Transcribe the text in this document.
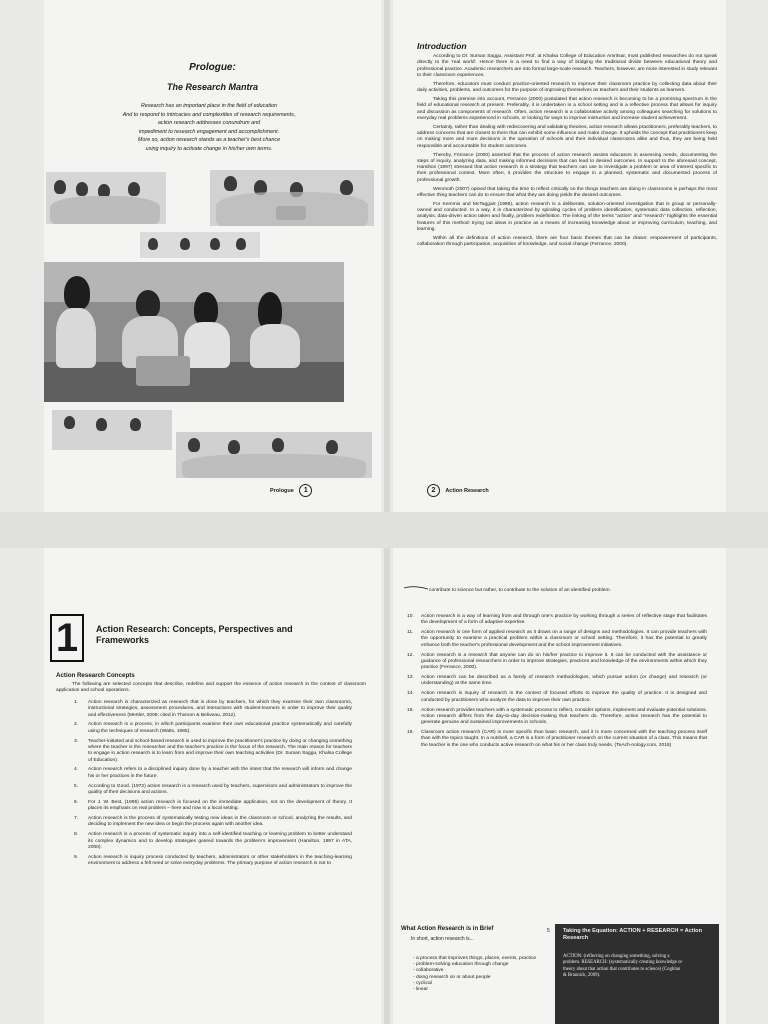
Prologue:
The Research Mantra
Research has an important place in the field of education
And to respond to intricacies and complexities of research requirements,
action research addresses conundrum and
impediment to research engagement and accomplishment.
More so, action research stands as a teacher's best chance
using inquiry to activate change in his/her own terms.
Prologue 1
Introduction

According to Dr. Suman Saggu, Assistant Prof. at Khalsa College of Education Amritsar, most published researches do not speak directly to the 'real world'. Hence there is a need to find a way of bridging the traditional divide between educational theory and professional practice. Academic researchers are into formal large-scale research. Teachers, however, are more interested in study relevant to their classroom experiences.

Therefore, educators must conduct practice-oriented research to improve their classroom practice by collecting data about their daily activities, problems, and outcomes for the purpose of improving themselves as teachers and their students as learners.

Taking this premise into account, Ferrance (2000) postulated that action research is becoming to be a promising spectrum in the field of educational research at present. Preferably, it is undertaken in a school setting and is a reflective process that allows for inquiry and discussion as components of research. Often, action research is a collaborative activity among colleagues searching for solutions to everyday real problems experienced in schools, or looking for ways to improve instruction and increase student achievement.

Certainly, rather than dealing with rediscovering and validating theories, action research allows practitioners, preferably teachers, to address concerns that are closest to them that can exhibit some influence and make change. It upholds the concept that practitioners keep on making more and more decisions in the operation of schools and their individual classrooms alike and thus, they are being held responsible and accountable for student outcomes.

Thereby, Ferrance (2000) asserted that the process of action research assists educators in assessing needs, documenting the steps of inquiry, analyzing data, and making informed decisions that can lead to desired outcomes. In support to the aforesaid concept, Hamilton (1997) stressed that action research is a strategy that teachers can use to investigate a problem or area of interest specific to their professional context. More often, it provides the structure to engage in a planned, systematic and documented process of professional growth.

Wenmoth (2007) opined that taking the time to reflect critically on the things teachers are doing in classrooms is perhaps the most effective thing teachers can do to ensure that what they are doing yields the desired outcomes.

For Kemmis and McTaggart (1988), action research is a deliberate, solution-oriented investigation that is group or personally-owned and conducted. In a way, it is characterized by spiraling cycles of problem identification, systematic data collection, reflection, analysis, data-driven action taken and finally, problem redefinition. The linking of the terms "action" and "research" highlights the essential features of this method: trying out ideas in practice as a means of increasing knowledge about or improving curriculum, teaching, and learning.

Within all the definitions of action research, there are four basic themes that can be drawn: empowerment of participants, collaboration through participation, acquisition of knowledge, and social change (Ferrance, 2000).

2 Action Research
1	Action Research: Concepts, Perspectives and Frameworks
Action Research Concepts
The following are selected concepts that describe, redefine and support the essence of action research in the context of classroom application and school operations.
1. Action research is characterized as research that is done by teachers, for which they examine their own classrooms, instructional strategies, assessment procedures, and interactions with student-learners in order to improve their quality and effectiveness (Mertler, 2009; cited in Thorson & Beliveau, 2012).
2. Action research is a process, in which participants examine their own educational practice systematically and carefully using the techniques of research (Watts, 1985).
3. Teacher-initiated and school-based research is used to improve the practitioner's practice by doing or changing something where the teacher is the researcher and the teacher's practice is the focus of the research. The main reason for teachers to engage in action research is to learn from and improve their own teaching activities (Dr. Suman Saggu, Khalsa College of Education).
4. Action research refers to a disciplined inquiry done by a teacher with the intent that the research will inform and change his or her practices in the future.
5. According to Good, (1972) action research is a research used by teachers, supervisors and administrators to improve the quality of their decisions and actions.
6. For J. W. Best, (1995) action research is focused on the immediate application, not on the development of theory. It places its emphasis on real problem – here and now in a local setting.
7. Action research is the process of systematically testing new ideas in the classroom or school, analyzing the results, and deciding to implement the new idea or begin the process again with another idea.
8. Action research is a process of systematic inquiry into a self-identified teaching or learning problem to better understand its complex dynamics and to develop strategies geared towards the problem's improvement (Hamilton, 1997 in ATA, 2000).
9. Action research is inquiry process conducted by teachers, administrators or other stakeholders in the teaching-learning environment to address a felt need or solve everyday problems. The primary purpose of action research is not to
contribute to science but rather, to contribute to the solution of an identified problem.
10. Action research is a way of learning from and through one's practice by working through a series of reflective stage that facilitates the development of a form of adaptive expertise.
11. Action research is one form of applied research as it draws on a range of designs and methodologies. It can provide teachers with the opportunity to examine a practical problem within a classroom or school setting. Therefore, it has the potential to greatly enhance both the teacher's professional development and the school improvement initiatives.
12. Action research is a research that anyone can do on his/her practice to improve it. It can be conducted with the assistance or guidance of professional researchers in order to improve strategies, practices and knowledge of the environments within which they practice (Ferrance, 2000).
13. Action research can be described as a family of research methodologies, which pursue action (or change) and research (or understanding) at the same time.
14. Action research is inquiry of research in the context of focused efforts to improve the quality of practice. It is designed and conducted by practitioners who analyze the data to improve their own practice.
15. Action research provides teachers with a systematic process to reflect, consider options, implement and evaluate potential solutions. Action research differs from the day-to-day decision-making that teachers do. Therefore, action research has the potential to generate genuine and sustained improvements in schools.
16. Classroom action research (CAR) is more specific than basic research, and it is more concerned with the teaching process itself than with the topics taught. In a nutshell, a CAR is a form of practitioner research on the current situation of a class. This means that the teacher is the one who conducts active research on what his or her class truly needs. (TeAch-nology.com, 2018)
What Action Research is in Brief
In short, action research is...
- a process that improves things, places, events, practice
- problem-solving education through change
- collaborative
- doing research on or about people
- cyclical
- linear
5 Taking the Equation: ACTION + RESEARCH = Action Research
ACTION: (reflecting on changing something, solving a problem. RESEARCH: (systematically creating knowledge or theory about that action that contributes to science) (Coghlan & Brannick, 2009).
